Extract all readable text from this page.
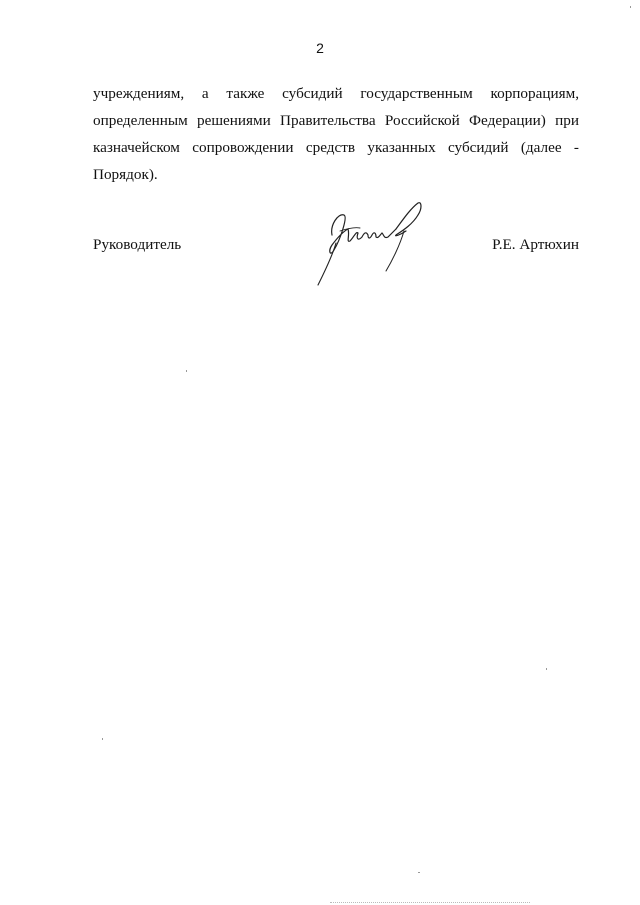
2
учреждениям, а также субсидий государственным корпорациям,
определенным решениями Правительства Российской Федерации) при
казначейском сопровождении средств указанных субсидий (далее -
Порядок).
Руководитель	Р.Е. Артюхин
